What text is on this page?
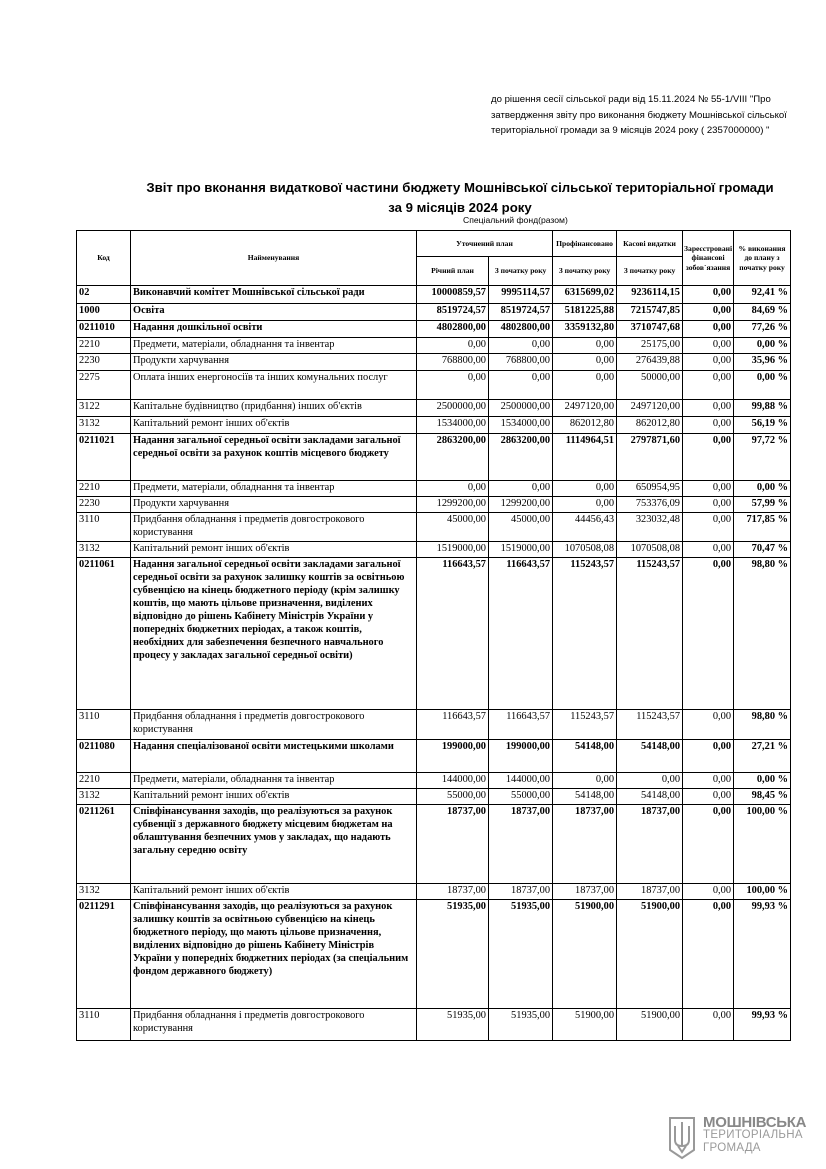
до рішення сесії сільської ради від 15.11.2024 № 55-1/VIII "Про затвердження звіту про виконання бюджету Мошнівської сільської територіальної громади за 9 місяців 2024 року ( 2357000000) "
Звіт про вконання видаткової частини бюджету Мошнівської сільської територіальної громади
за 9 місяців 2024 року
Спеціальний фонд(разом)
Код	Найменування	Уточнений план		Профінансовано	Касові видатки	Зареєстровані фінансові зобов`язання	% виконання до плану з початку року
		Річний план	З початку року	З початку року	З початку року		
02	Виконавчий комітет Мошнівської сільської ради	10000859,57	9995114,57	6315699,02	9236114,15	0,00	92,41 %
1000	Освіта	8519724,57	8519724,57	5181225,88	7215747,85	0,00	84,69 %
0211010	Надання дошкільної освіти	4802800,00	4802800,00	3359132,80	3710747,68	0,00	77,26 %
2210	Предмети, матеріали, обладнання та інвентар	0,00	0,00	0,00	25175,00	0,00	0,00 %
2230	Продукти харчування	768800,00	768800,00	0,00	276439,88	0,00	35,96 %
2275	Оплата інших енергоносіїв та інших комунальних послуг	0,00	0,00	0,00	50000,00	0,00	0,00 %
3122	Капітальне будівництво (придбання) інших об'єктів	2500000,00	2500000,00	2497120,00	2497120,00	0,00	99,88 %
3132	Капітальний ремонт інших об'єктів	1534000,00	1534000,00	862012,80	862012,80	0,00	56,19 %
0211021	Надання загальної середньої освіти закладами загальної середньої освіти за рахунок коштів місцевого бюджету	2863200,00	2863200,00	1114964,51	2797871,60	0,00	97,72 %
2210	Предмети, матеріали, обладнання та інвентар	0,00	0,00	0,00	650954,95	0,00	0,00 %
2230	Продукти харчування	1299200,00	1299200,00	0,00	753376,09	0,00	57,99 %
3110	Придбання обладнання і предметів довгострокового користування	45000,00	45000,00	44456,43	323032,48	0,00	717,85 %
3132	Капітальний ремонт інших об'єктів	1519000,00	1519000,00	1070508,08	1070508,08	0,00	70,47 %
0211061	Надання загальної середньої освіти закладами загальної середньої освіти за рахунок залишку коштів за освітньою субвенцією на кінець бюджетного періоду (крім залишку коштів, що мають цільове призначення, виділених відповідно до рішень Кабінету Міністрів України у попередніх бюджетних періодах, а також коштів, необхідних для забезпечення безпечного навчального процесу у закладах загальної середньої освіти)	116643,57	116643,57	115243,57	115243,57	0,00	98,80 %
3110	Придбання обладнання і предметів довгострокового користування	116643,57	116643,57	115243,57	115243,57	0,00	98,80 %
0211080	Надання спеціалізованої освіти мистецькими школами	199000,00	199000,00	54148,00	54148,00	0,00	27,21 %
2210	Предмети, матеріали, обладнання та інвентар	144000,00	144000,00	0,00	0,00	0,00	0,00 %
3132	Капітальний ремонт інших об'єктів	55000,00	55000,00	54148,00	54148,00	0,00	98,45 %
0211261	Співфінансування заходів, що реалізуються за рахунок субвенції з державного бюджету місцевим бюджетам на облаштування безпечних умов у закладах, що надають загальну середню освіту	18737,00	18737,00	18737,00	18737,00	0,00	100,00 %
3132	Капітальний ремонт інших об'єктів	18737,00	18737,00	18737,00	18737,00	0,00	100,00 %
0211291	Співфінансування заходів, що реалізуються за рахунок залишку коштів за освітньою субвенцією на кінець бюджетного періоду, що мають цільове призначення, виділених відповідно до рішень Кабінету Міністрів України у попередніх бюджетних періодах (за спеціальним фондом державного бюджету)	51935,00	51935,00	51900,00	51900,00	0,00	99,93 %
3110	Придбання обладнання і предметів довгострокового користування	51935,00	51935,00	51900,00	51900,00	0,00	99,93 %
МОШНІВСЬКА
ТЕРИТОРІАЛЬНА
ГРОМАДА
